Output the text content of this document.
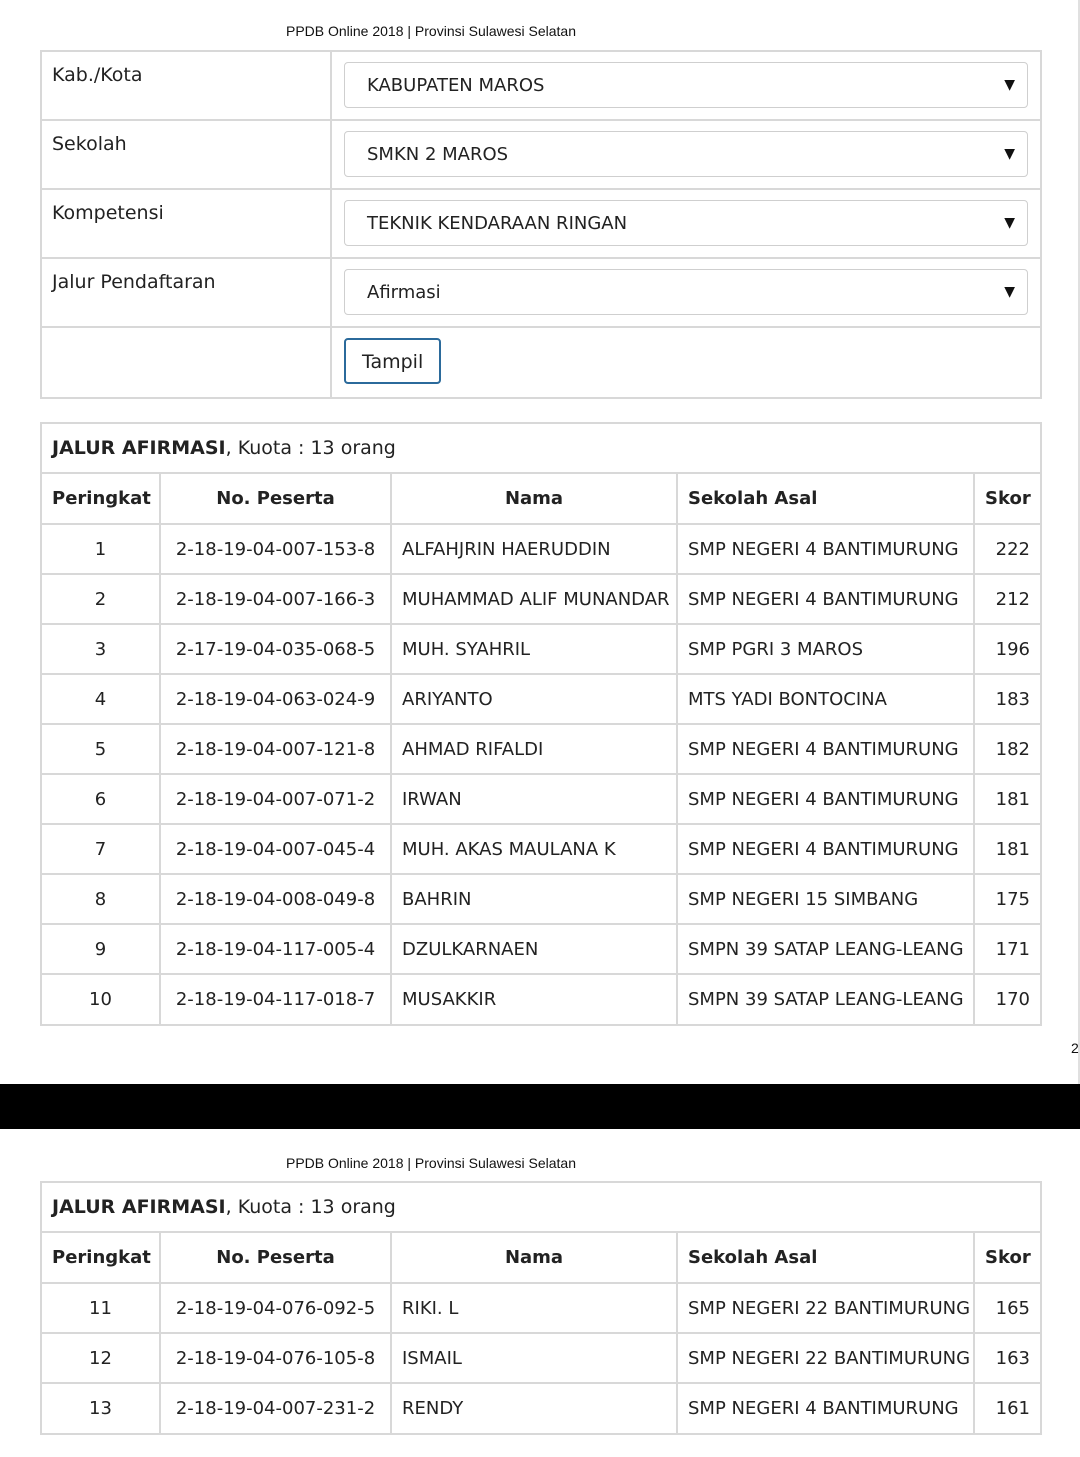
PPDB Online 2018 | Provinsi Sulawesi Selatan
Kab./Kota	KABUPATEN MAROS	▼
Sekolah	SMKN 2 MAROS	▼
Kompetensi	TEKNIK KENDARAAN RINGAN	▼
Jalur Pendaftaran	Afirmasi	▼
Tampil
JALUR AFIRMASI , Kuota : 13 orang
Peringkat	No. Peserta	Nama	Sekolah Asal	Skor
1	2-18-19-04-007-153-8	ALFAHJRIN HAERUDDIN	SMP NEGERI 4 BANTIMURUNG	222
2	2-18-19-04-007-166-3	MUHAMMAD ALIF MUNANDAR	SMP NEGERI 4 BANTIMURUNG	212
3	2-17-19-04-035-068-5	MUH. SYAHRIL	SMP PGRI 3 MAROS	196
4	2-18-19-04-063-024-9	ARIYANTO	MTS YADI BONTOCINA	183
5	2-18-19-04-007-121-8	AHMAD RIFALDI	SMP NEGERI 4 BANTIMURUNG	182
6	2-18-19-04-007-071-2	IRWAN	SMP NEGERI 4 BANTIMURUNG	181
7	2-18-19-04-007-045-4	MUH. AKAS MAULANA K	SMP NEGERI 4 BANTIMURUNG	181
8	2-18-19-04-008-049-8	BAHRIN	SMP NEGERI 15 SIMBANG	175
9	2-18-19-04-117-005-4	DZULKARNAEN	SMPN 39 SATAP LEANG-LEANG	171
10	2-18-19-04-117-018-7	MUSAKKIR	SMPN 39 SATAP LEANG-LEANG	170
2
PPDB Online 2018 | Provinsi Sulawesi Selatan
JALUR AFIRMASI , Kuota : 13 orang
Peringkat	No. Peserta	Nama	Sekolah Asal	Skor
11	2-18-19-04-076-092-5	RIKI. L	SMP NEGERI 22 BANTIMURUNG	165
12	2-18-19-04-076-105-8	ISMAIL	SMP NEGERI 22 BANTIMURUNG	163
13	2-18-19-04-007-231-2	RENDY	SMP NEGERI 4 BANTIMURUNG	161
